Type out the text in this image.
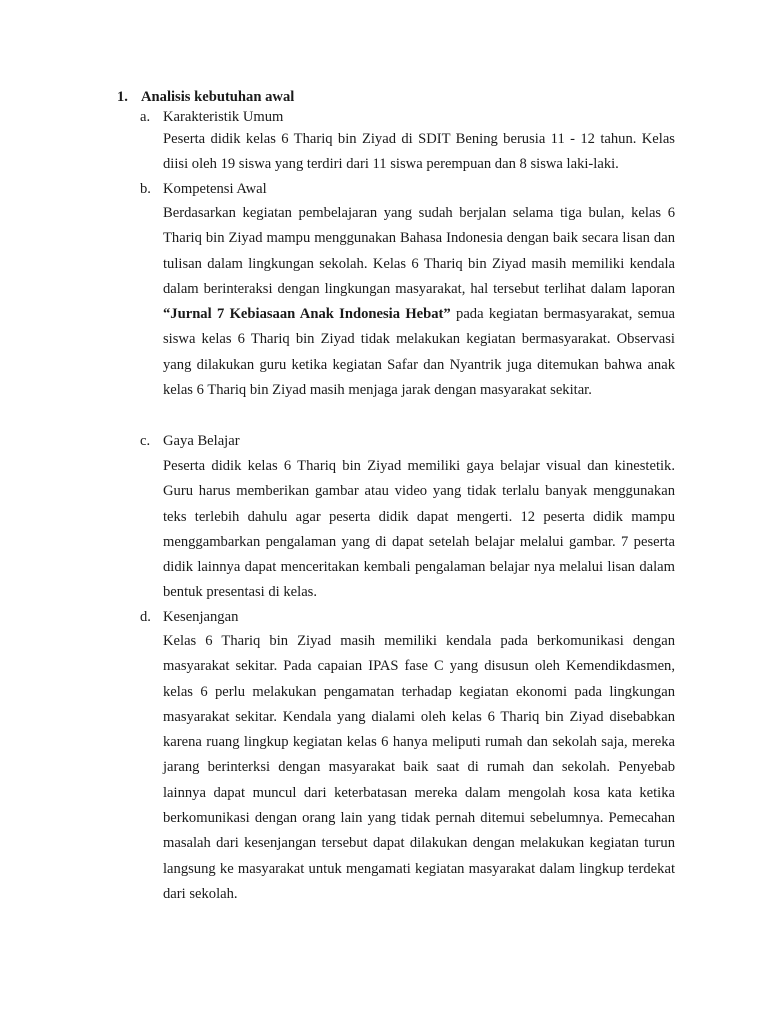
1. Analisis kebutuhan awal
a. Karakteristik Umum

Peserta didik kelas 6 Thariq bin Ziyad di SDIT Bening berusia 11 - 12 tahun. Kelas diisi oleh 19 siswa yang terdiri dari 11 siswa perempuan dan 8 siswa laki-laki.

b. Kompetensi Awal

Berdasarkan kegiatan pembelajaran yang sudah berjalan selama tiga bulan, kelas 6 Thariq bin Ziyad mampu menggunakan Bahasa Indonesia dengan baik secara lisan dan tulisan dalam lingkungan sekolah. Kelas 6 Thariq bin Ziyad masih memiliki kendala dalam berinteraksi dengan lingkungan masyarakat, hal tersebut terlihat dalam laporan “Jurnal 7 Kebiasaan Anak Indonesia Hebat” pada kegiatan bermasyarakat, semua siswa kelas 6 Thariq bin Ziyad tidak melakukan kegiatan bermasyarakat. Observasi yang dilakukan guru ketika kegiatan Safar dan Nyantrik juga ditemukan bahwa anak kelas 6 Thariq bin Ziyad masih menjaga jarak dengan masyarakat sekitar.

c. Gaya Belajar

Peserta didik kelas 6 Thariq bin Ziyad memiliki gaya belajar visual dan kinestetik. Guru harus memberikan gambar atau video yang tidak terlalu banyak menggunakan teks terlebih dahulu agar peserta didik dapat mengerti. 12 peserta didik mampu menggambarkan pengalaman yang di dapat setelah belajar melalui gambar. 7 peserta didik lainnya dapat menceritakan kembali pengalaman belajar nya melalui lisan dalam bentuk presentasi di kelas.

d. Kesenjangan

Kelas 6 Thariq bin Ziyad masih memiliki kendala pada berkomunikasi dengan masyarakat sekitar. Pada capaian IPAS fase C yang disusun oleh Kemendikdasmen, kelas 6 perlu melakukan pengamatan terhadap kegiatan ekonomi pada lingkungan masyarakat sekitar. Kendala yang dialami oleh kelas 6 Thariq bin Ziyad disebabkan karena ruang lingkup kegiatan kelas 6 hanya meliputi rumah dan sekolah saja, mereka jarang berinterksi dengan masyarakat baik saat di rumah dan sekolah. Penyebab lainnya dapat muncul dari keterbatasan mereka dalam mengolah kosa kata ketika berkomunikasi dengan orang lain yang tidak pernah ditemui sebelumnya. Pemecahan masalah dari kesenjangan tersebut dapat dilakukan dengan melakukan kegiatan turun langsung ke masyarakat untuk mengamati kegiatan masyarakat dalam lingkup terdekat dari sekolah.
